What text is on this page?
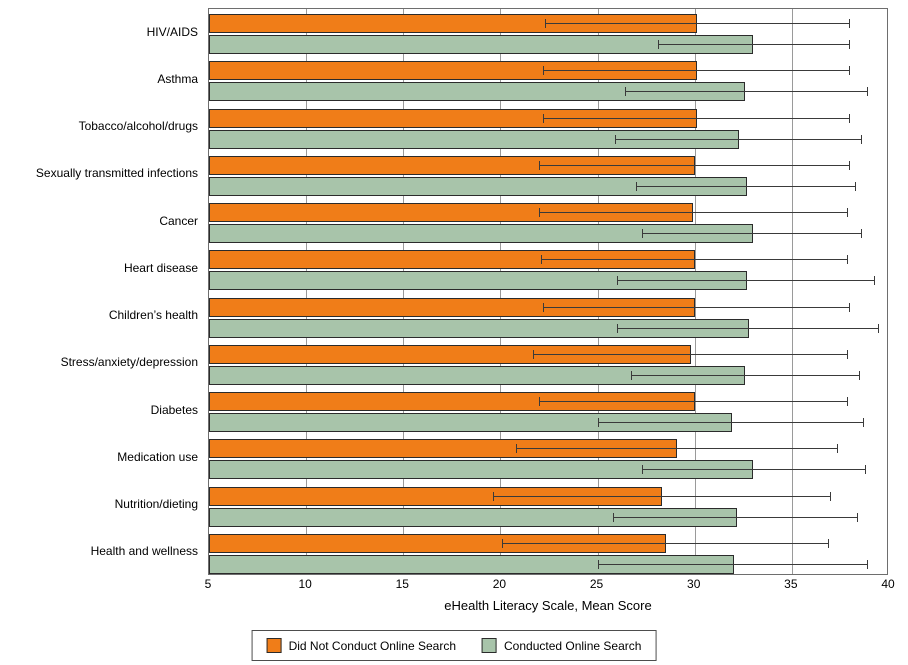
HIV/AIDS
Asthma
Tobacco/alcohol/drugs
Sexually transmitted infections
Cancer
Heart disease
Children’s health
Stress/anxiety/depression
Diabetes
Medication use
Nutrition/dieting
Health and wellness
5	10	15	20	25	30	35	40
eHealth Literacy Scale, Mean Score
Did Not Conduct Online Search	Conducted Online Search
